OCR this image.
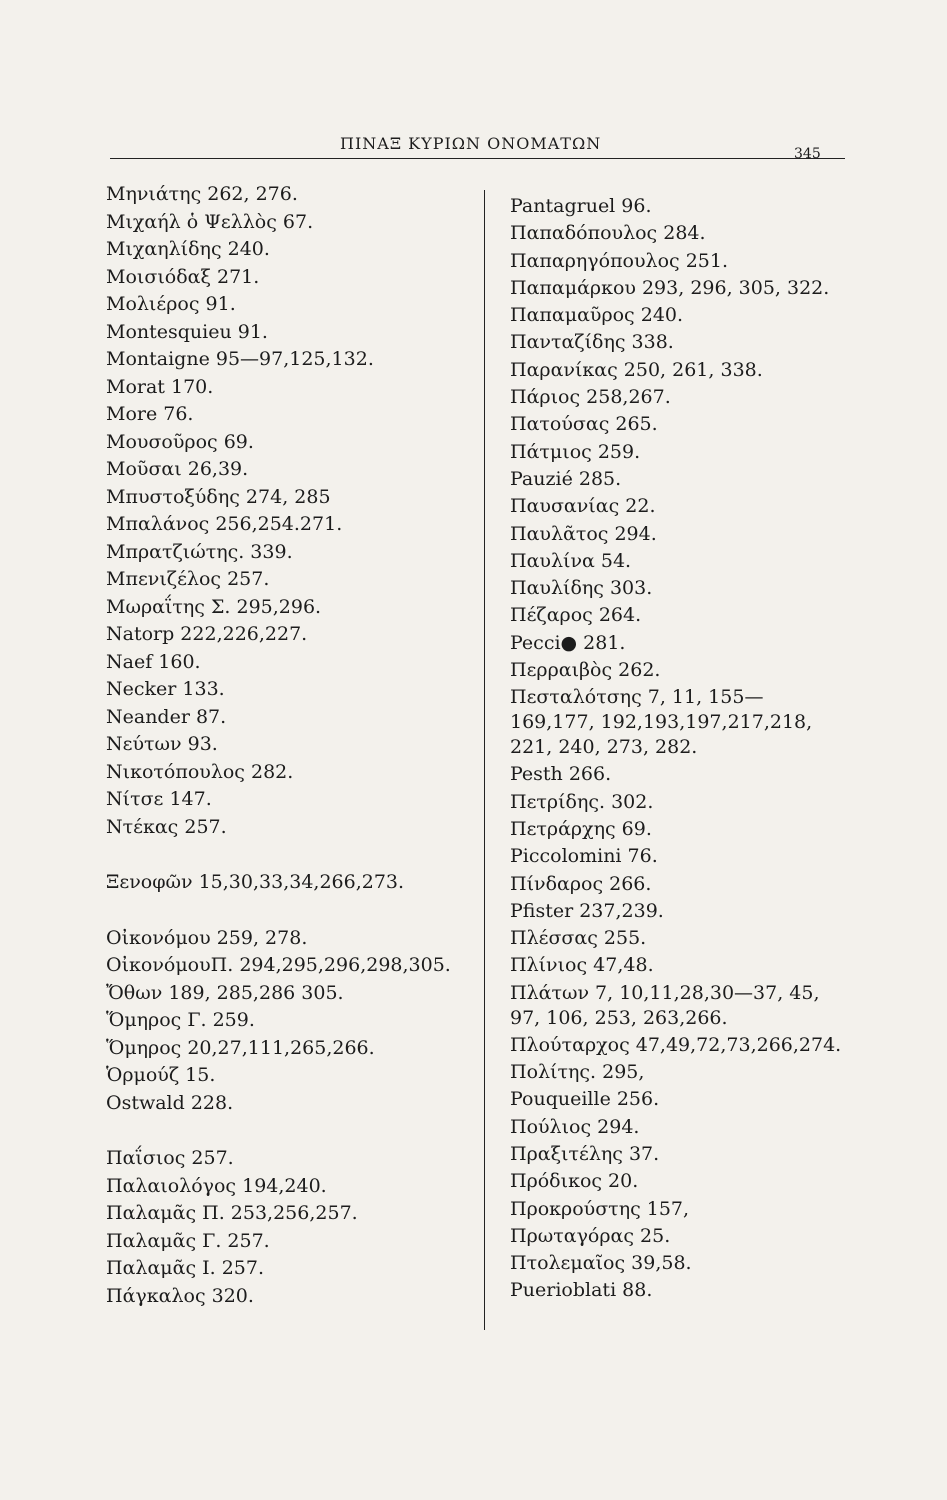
ΠΙΝΑΞ ΚΥΡΙΩΝ ΟΝΟΜΑΤΩΝ
345
Μηνιάτης 262, 276.
Μιχαήλ ὁ Ψελλὸς 67.
Μιχαηλίδης 240.
Μοισιόδαξ 271.
Μολιέρος 91.
Montesquieu 91.
Montaigne 95—97,125,132.
Morat 170.
More 76.
Μουσοῦρος 69.
Μοῦσαι 26,39.
Μπυστοξύδης 274, 285
Μπαλάνος 256,254.271.
Μπρατζιώτης. 339.
Μπενιζέλος 257.
Μωραΐτης Σ. 295,296.
Natorp 222,226,227.
Naef 160.
Necker 133.
Neander 87.
Νεύτων 93.
Νικοτόπουλος 282.
Νίτσε 147.
Ντέκας 257.
Ξενοφῶν 15,30,33,34,266,273.
Οἰκονόμου 259, 278.
ΟἰκονόμουΠ. 294,295,296,298,305.
Ὄθων 189, 285,286 305.
Ὅμηρος Γ. 259.
Ὅμηρος 20,27,111,265,266.
Ὁρμούζ 15.
Ostwald 228.
Παΐσιος 257.
Παλαιολόγος 194,240.
Παλαμᾶς Π. 253,256,257.
Παλαμᾶς Γ. 257.
Παλαμᾶς Ι. 257.
Πάγκαλος 320.
Pantagruel 96.
Παπαδόπουλος 284.
Παπαρηγόπουλος 251.
Παπαμάρκου 293, 296, 305, 322.
Παπαμαῦρος 240.
Πανταζίδης 338.
Παρανίκας 250, 261, 338.
Πάριος 258,267.
Πατούσας 265.
Πάτμιος 259.
Pauzié 285.
Παυσανίας 22.
Παυλᾶτος 294.
Παυλίνα 54.
Παυλίδης 303.
Πέζαρος 264.
Pecci● 281.
Περραιβὸς 262.
Πεσταλότσης 7, 11, 155— 169,177, 192,193,197,217,218, 221, 240, 273, 282.
Pesth 266.
Πετρίδης. 302.
Πετράρχης 69.
Piccolomini 76.
Πίνδαρος 266.
Pfister 237,239.
Πλέσσας 255.
Πλίνιος 47,48.
Πλάτων 7, 10,11,28,30—37, 45, 97, 106, 253, 263,266.
Πλούταρχος 47,49,72,73,266,274.
Πολίτης. 295,
Pouqueille 256.
Πούλιος 294.
Πραξιτέλης 37.
Πρόδικος 20.
Προκρούστης 157,
Πρωταγόρας 25.
Πτολεμαῖος 39,58.
Puerioblati 88.
